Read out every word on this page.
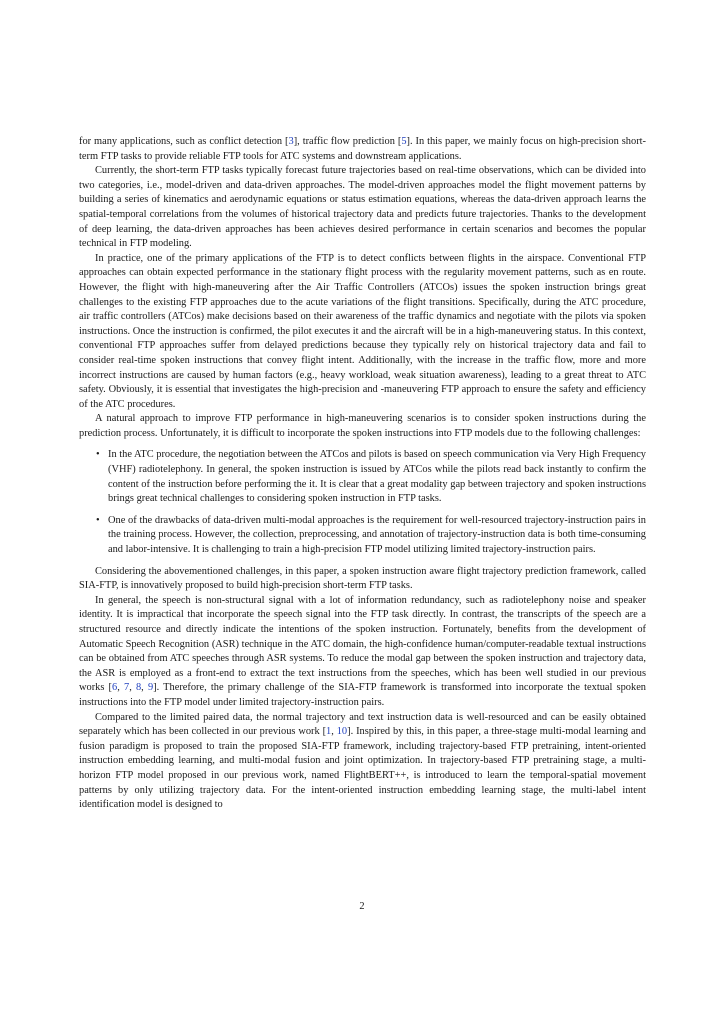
for many applications, such as conflict detection [3], traffic flow prediction [5]. In this paper, we mainly focus on high-precision short-term FTP tasks to provide reliable FTP tools for ATC systems and downstream applications.

Currently, the short-term FTP tasks typically forecast future trajectories based on real-time observations, which can be divided into two categories, i.e., model-driven and data-driven approaches. The model-driven approaches model the flight movement patterns by building a series of kinematics and aerodynamic equations or status estimation equations, whereas the data-driven approach learns the spatial-temporal correlations from the volumes of historical trajectory data and predicts future trajectories. Thanks to the development of deep learning, the data-driven approaches has been achieves desired performance in certain scenarios and becomes the popular technical in FTP modeling.

In practice, one of the primary applications of the FTP is to detect conflicts between flights in the airspace. Conventional FTP approaches can obtain expected performance in the stationary flight process with the regularity movement patterns, such as en route. However, the flight with high-maneuvering after the Air Traffic Controllers (ATCOs) issues the spoken instruction brings great challenges to the existing FTP approaches due to the acute variations of the flight transitions. Specifically, during the ATC procedure, air traffic controllers (ATCos) make decisions based on their awareness of the traffic dynamics and negotiate with the pilots via spoken instructions. Once the instruction is confirmed, the pilot executes it and the aircraft will be in a high-maneuvering status. In this context, conventional FTP approaches suffer from delayed predictions because they typically rely on historical trajectory data and fail to consider real-time spoken instructions that convey flight intent. Additionally, with the increase in the traffic flow, more and more incorrect instructions are caused by human factors (e.g., heavy workload, weak situation awareness), leading to a great threat to ATC safety. Obviously, it is essential that investigates the high-precision and -maneuvering FTP approach to ensure the safety and efficiency of the ATC procedures.

A natural approach to improve FTP performance in high-maneuvering scenarios is to consider spoken instructions during the prediction process. Unfortunately, it is difficult to incorporate the spoken instructions into FTP models due to the following challenges:

• In the ATC procedure, the negotiation between the ATCos and pilots is based on speech communication via Very High Frequency (VHF) radiotelephony. In general, the spoken instruction is issued by ATCos while the pilots read back instantly to confirm the content of the instruction before performing the it. It is clear that a great modality gap between trajectory and spoken instructions brings great technical challenges to considering spoken instruction in FTP tasks.
• One of the drawbacks of data-driven multi-modal approaches is the requirement for well-resourced trajectory-instruction pairs in the training process. However, the collection, preprocessing, and annotation of trajectory-instruction data is both time-consuming and labor-intensive. It is challenging to train a high-precision FTP model utilizing limited trajectory-instruction pairs.

Considering the abovementioned challenges, in this paper, a spoken instruction aware flight trajectory prediction framework, called SIA-FTP, is innovatively proposed to build high-precision short-term FTP tasks.

In general, the speech is non-structural signal with a lot of information redundancy, such as radiotelephony noise and speaker identity. It is impractical that incorporate the speech signal into the FTP task directly. In contrast, the transcripts of the speech are a structured resource and directly indicate the intentions of the spoken instruction. Fortunately, benefits from the development of Automatic Speech Recognition (ASR) technique in the ATC domain, the high-confidence human/computer-readable textual instructions can be obtained from ATC speeches through ASR systems. To reduce the modal gap between the spoken instruction and trajectory data, the ASR is employed as a front-end to extract the text instructions from the speeches, which has been well studied in our previous works [6, 7, 8, 9]. Therefore, the primary challenge of the SIA-FTP framework is transformed into incorporate the textual spoken instructions into the FTP model under limited trajectory-instruction pairs.

Compared to the limited paired data, the normal trajectory and text instruction data is well-resourced and can be easily obtained separately which has been collected in our previous work [1, 10]. Inspired by this, in this paper, a three-stage multi-modal learning and fusion paradigm is proposed to train the proposed SIA-FTP framework, including trajectory-based FTP pretraining, intent-oriented instruction embedding learning, and multi-modal fusion and joint optimization. In trajectory-based FTP pretraining stage, a multi-horizon FTP model proposed in our previous work, named FlightBERT++, is introduced to learn the temporal-spatial movement patterns by only utilizing trajectory data. For the intent-oriented instruction embedding learning stage, the multi-label intent identification model is designed to

2
